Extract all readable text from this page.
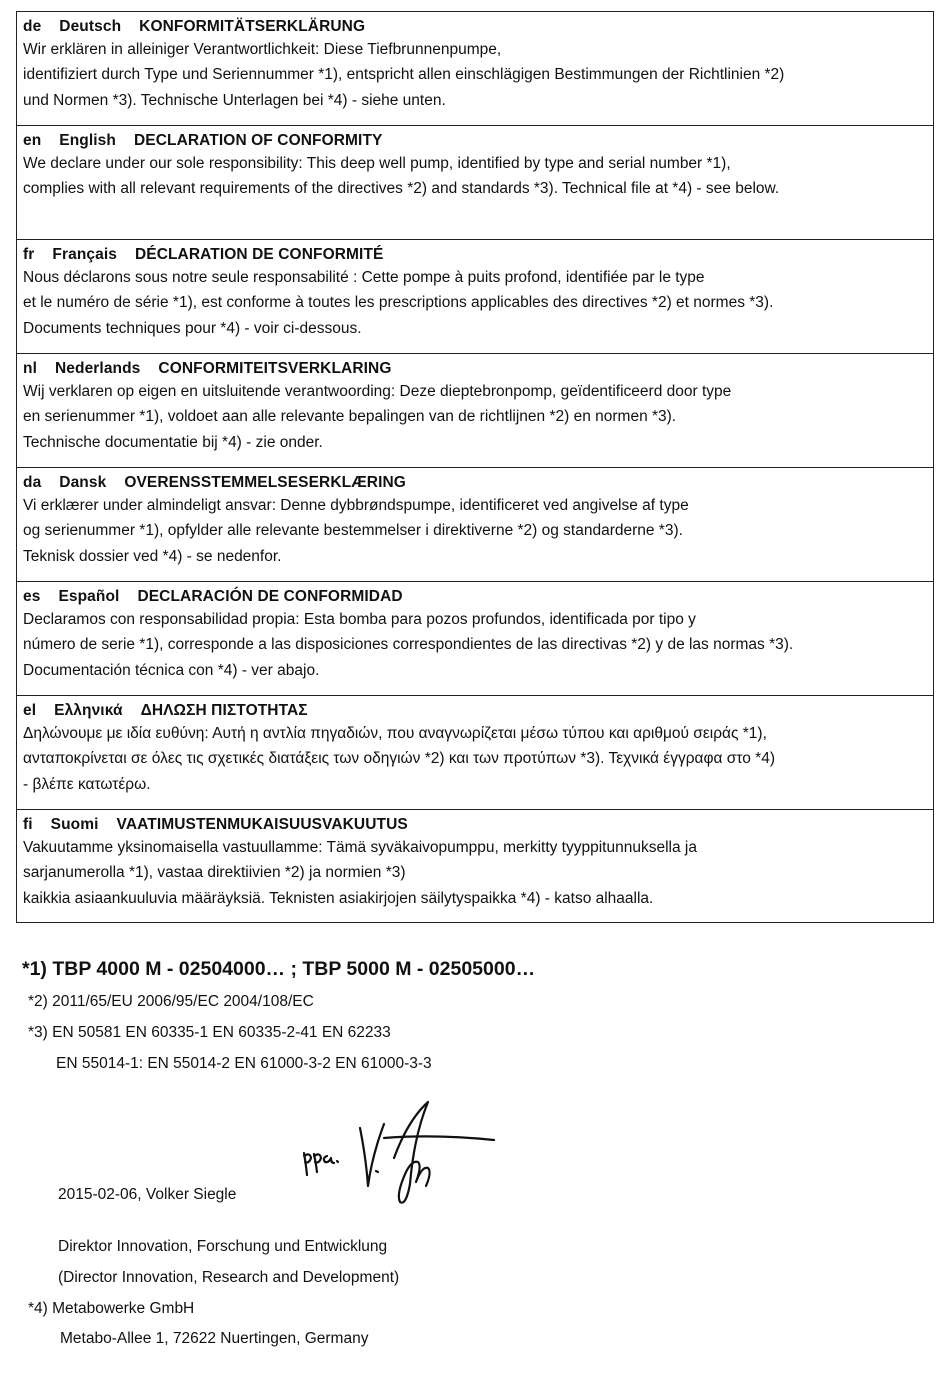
de Deutsch KONFORMITÄTSERKLÄRUNG
Wir erklären in alleiniger Verantwortlichkeit: Diese Tiefbrunnenpumpe,
identifiziert durch Type und Seriennummer *1), entspricht allen einschlägigen Bestimmungen der Richtlinien *2)
und Normen *3). Technische Unterlagen bei *4) - siehe unten.
en English DECLARATION OF CONFORMITY
We declare under our sole responsibility: This deep well pump, identified by type and serial number *1),
complies with all relevant requirements of the directives *2) and standards *3). Technical file at *4) - see below.
fr Français DÉCLARATION DE CONFORMITÉ
Nous déclarons sous notre seule responsabilité : Cette pompe à puits profond, identifiée par le type
et le numéro de série *1), est conforme à toutes les prescriptions applicables des directives *2) et normes *3).
Documents techniques pour *4) - voir ci-dessous.
nl Nederlands CONFORMITEITSVERKLARING
Wij verklaren op eigen en uitsluitende verantwoording: Deze dieptebronpomp, geïdentificeerd door type
en serienummer *1), voldoet aan alle relevante bepalingen van de richtlijnen *2) en normen *3).
Technische documentatie bij *4) - zie onder.
da Dansk OVERENSSTEMMELSESERKLÆRING
Vi erklærer under almindeligt ansvar: Denne dybbrøndspumpe, identificeret ved angivelse af type
og serienummer *1), opfylder alle relevante bestemmelser i direktiverne *2) og standarderne *3).
Teknisk dossier ved *4) - se nedenfor.
es Español DECLARACIÓN DE CONFORMIDAD
Declaramos con responsabilidad propia: Esta bomba para pozos profundos, identificada por tipo y
número de serie *1), corresponde a las disposiciones correspondientes de las directivas *2) y de las normas *3).
Documentación técnica con *4) - ver abajo.
el Ελληνικά ΔΗΛΩΣΗ ΠΙΣΤΟΤΗΤΑΣ
Δηλώνουμε με ιδία ευθύνη: Αυτή η αντλία πηγαδιών, που αναγνωρίζεται μέσω τύπου και αριθμού σειράς *1),
ανταποκρίνεται σε όλες τις σχετικές διατάξεις των οδηγιών *2) και των προτύπων *3). Τεχνικά έγγραφα στο *4)
- βλέπε κατωτέρω.
fi Suomi VAATIMUSTENMUKAISUUSVAKUUTUS
Vakuutamme yksinomaisella vastuullamme: Tämä syväkaivopumppu, merkitty tyyppitunnuksella ja
sarjanumerolla *1), vastaa direktiivien *2) ja normien *3)
kaikkia asiaankuuluvia määräyksiä. Teknisten asiakirjojen säilytyspaikka *4) - katso alhaalla.
*1) TBP 4000 M - 02504000… ; TBP 5000 M - 02505000…
*2) 2011/65/EU 2006/95/EC 2004/108/EC
*3) EN 50581 EN 60335-1 EN 60335-2-41 EN 62233
EN 55014-1: EN 55014-2 EN 61000-3-2 EN 61000-3-3
2015-02-06, Volker Siegle
Direktor Innovation, Forschung und Entwicklung
(Director Innovation, Research and Development)
*4) Metabowerke GmbH
Metabo-Allee 1, 72622 Nuertingen, Germany
